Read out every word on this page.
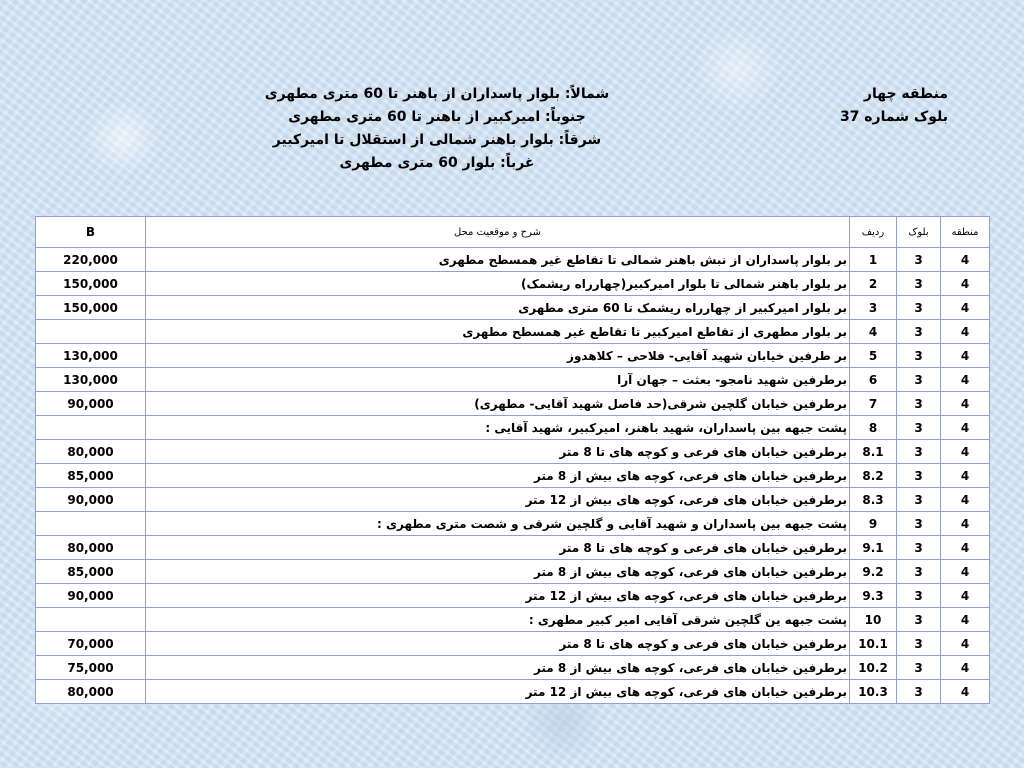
منطقه چهار
بلوک شماره 37
شمالاً: بلوار پاسداران از باهنر تا 60 متری مطهری
جنوباً: امیرکبیر از باهنر تا 60 متری مطهری
شرقاً: بلوار باهنر شمالی از استقلال تا امیرکبیر
غرباً: بلوار 60 متری مطهری
B	شرح و موقعیت محل	ردیف	بلوک	منطقه
220,000	بر بلوار پاسداران از نبش باهنر شمالی تا تقاطع غیر همسطح مطهری	1	3	4
150,000	بر بلوار باهنر شمالی تا بلوار امیرکبیر(چهارراه ریشمک)	2	3	4
150,000	بر بلوار امیرکبیر از چهارراه ریشمک تا 60 متری مطهری	3	3	4
	بر بلوار مطهری از تقاطع امیرکبیر تا تقاطع غیر همسطح مطهری	4	3	4
130,000	بر طرفین خیابان شهید آقایی- فلاحی – کلاهدوز	5	3	4
130,000	برطرفین شهید نامجو- بعثت – جهان آرا	6	3	4
90,000	برطرفین خیابان گلچین شرقی(حد فاصل شهید آقایی- مطهری)	7	3	4
	پشت جبهه بین پاسداران، شهید باهنر، امیرکبیر، شهید آقایی :	8	3	4
80,000	برطرفین خیابان های فرعی و کوچه های تا 8 متر	8.1	3	4
85,000	برطرفین خیابان های فرعی، کوچه های بیش از 8 متر	8.2	3	4
90,000	برطرفین خیابان های فرعی، کوچه های بیش از 12 متر	8.3	3	4
	پشت جبهه بین پاسداران و شهید آقایی و گلچین شرقی و شصت متری مطهری :	9	3	4
80,000	برطرفین خیابان های فرعی و کوچه های تا 8 متر	9.1	3	4
85,000	برطرفین خیابان های فرعی، کوچه های بیش از 8 متر	9.2	3	4
90,000	برطرفین خیابان های فرعی، کوچه های بیش از 12 متر	9.3	3	4
	پشت جبهه ین گلچین شرقی آقایی امیر کبیر مطهری :	10	3	4
70,000	برطرفین خیابان های فرعی و کوچه های تا 8 متر	10.1	3	4
75,000	برطرفین خیابان های فرعی، کوچه های بیش از 8 متر	10.2	3	4
80,000	برطرفین خیابان های فرعی، کوچه های بیش از 12 متر	10.3	3	4
